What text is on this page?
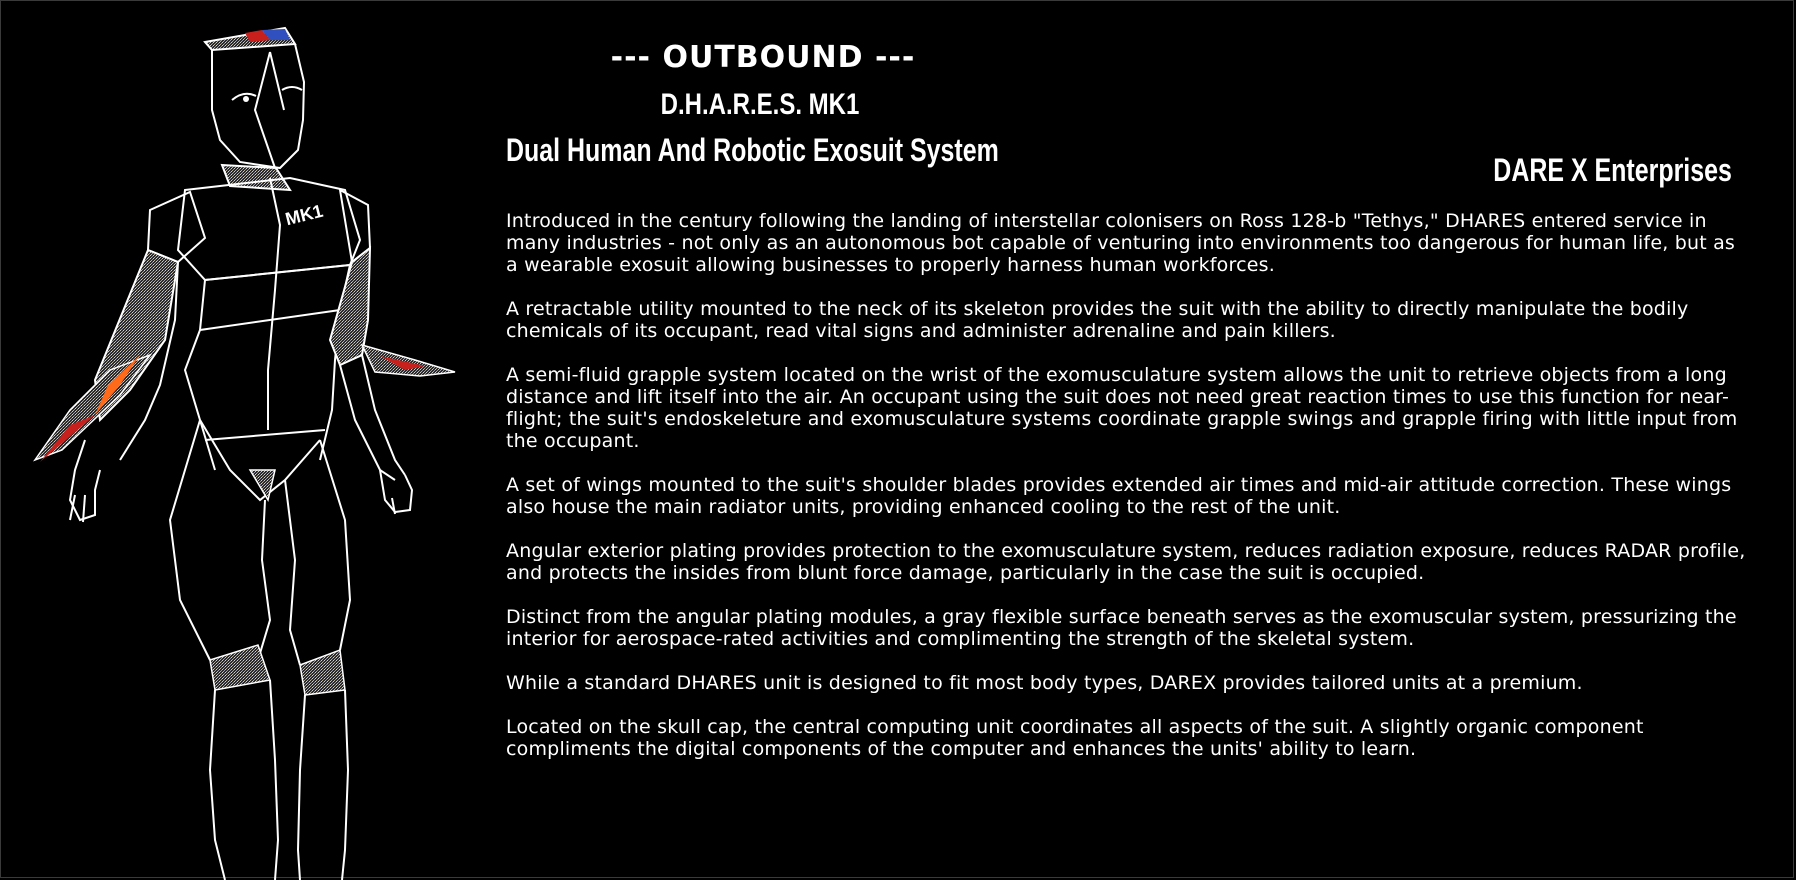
MK1
--- OUTBOUND ---
D.H.A.R.E.S. MK1
Dual Human And Robotic Exosuit System
DARE X Enterprises

Introduced in the century following the landing of interstellar colonisers on Ross 128-b "Tethys," DHARES entered service in many industries - not only as an autonomous bot capable of venturing into environments too dangerous for human life, but as a wearable exosuit allowing businesses to properly harness human workforces.

A retractable utility mounted to the neck of its skeleton provides the suit with the ability to directly manipulate the bodily chemicals of its occupant, read vital signs and administer adrenaline and pain killers.

A semi-fluid grapple system located on the wrist of the exomusculature system allows the unit to retrieve objects from a long distance and lift itself into the air. An occupant using the suit does not need great reaction times to use this function for near-flight; the suit's endoskeleture and exomusculature systems coordinate grapple swings and grapple firing with little input from the occupant.

A set of wings mounted to the suit's shoulder blades provides extended air times and mid-air attitude correction. These wings also house the main radiator units, providing enhanced cooling to the rest of the unit.

Angular exterior plating provides protection to the exomusculature system, reduces radiation exposure, reduces RADAR profile, and protects the insides from blunt force damage, particularly in the case the suit is occupied.

Distinct from the angular plating modules, a gray flexible surface beneath serves as the exomuscular system, pressurizing the interior for aerospace-rated activities and complimenting the strength of the skeletal system.

While a standard DHARES unit is designed to fit most body types, DAREX provides tailored units at a premium.

Located on the skull cap, the central computing unit coordinates all aspects of the suit. A slightly organic component compliments the digital components of the computer and enhances the units' ability to learn.
